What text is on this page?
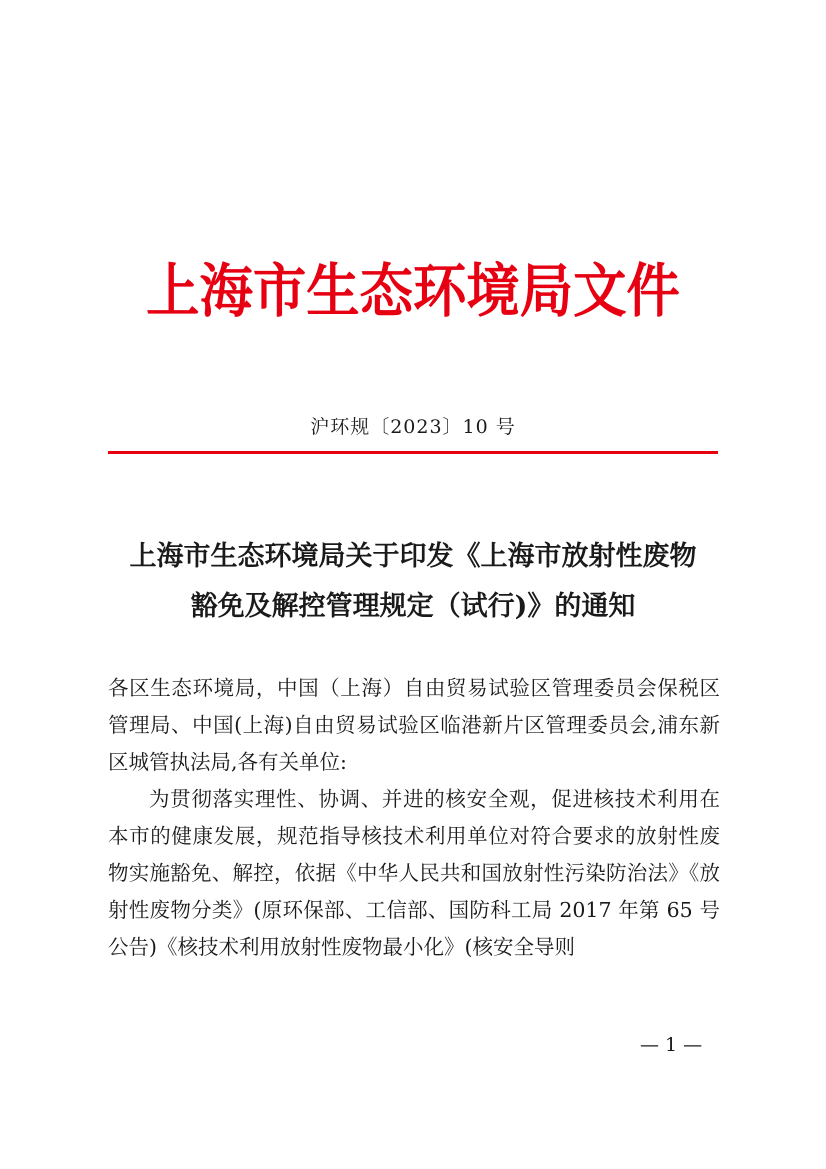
上海市生态环境局文件
沪环规〔2023〕10 号
上海市生态环境局关于印发《上海市放射性废物
豁免及解控管理规定（试行)》的通知

各区生态环境局，中国（上海）自由贸易试验区管理委员会保税区管理局、中国(上海)自由贸易试验区临港新片区管理委员会,浦东新区城管执法局,各有关单位:

为贯彻落实理性、协调、并进的核安全观，促进核技术利用在本市的健康发展，规范指导核技术利用单位对符合要求的放射性废物实施豁免、解控，依据《中华人民共和国放射性污染防治法》《放射性废物分类》(原环保部、工信部、国防科工局 2017 年第 65 号公告)《核技术利用放射性废物最小化》(核安全导则

— 1 —
